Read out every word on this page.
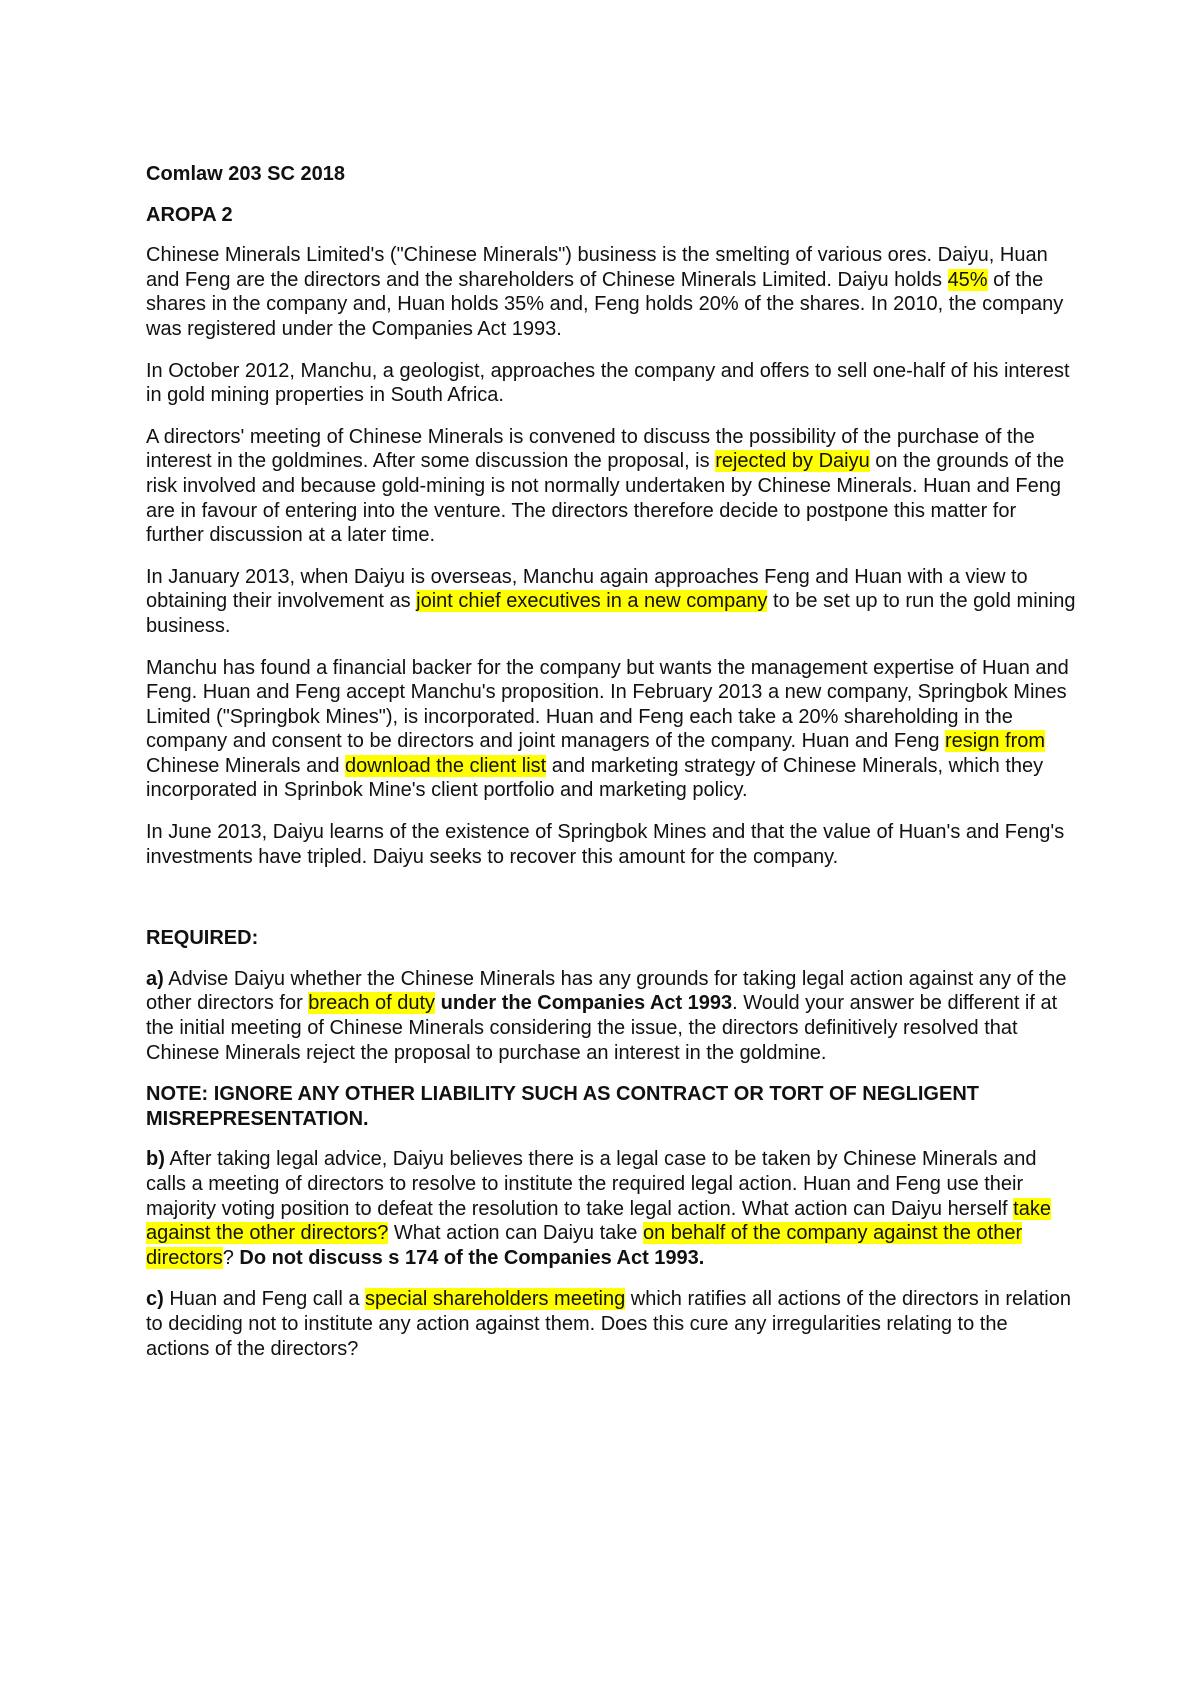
Comlaw 203 SC 2018
AROPA 2

Chinese Minerals Limited's ("Chinese Minerals") business is the smelting of various ores. Daiyu, Huan and Feng are the directors and the shareholders of Chinese Minerals Limited. Daiyu holds 45% of the shares in the company and, Huan holds 35% and, Feng holds 20% of the shares. In 2010, the company was registered under the Companies Act 1993.

In October 2012, Manchu, a geologist, approaches the company and offers to sell one-half of his interest in gold mining properties in South Africa.

A directors' meeting of Chinese Minerals is convened to discuss the possibility of the purchase of the interest in the goldmines. After some discussion the proposal, is rejected by Daiyu on the grounds of the risk involved and because gold-mining is not normally undertaken by Chinese Minerals. Huan and Feng are in favour of entering into the venture. The directors therefore decide to postpone this matter for further discussion at a later time.

In January 2013, when Daiyu is overseas, Manchu again approaches Feng and Huan with a view to obtaining their involvement as joint chief executives in a new company to be set up to run the gold mining business.

Manchu has found a financial backer for the company but wants the management expertise of Huan and Feng. Huan and Feng accept Manchu's proposition. In February 2013 a new company, Springbok Mines Limited ("Springbok Mines"), is incorporated. Huan and Feng each take a 20% shareholding in the company and consent to be directors and joint managers of the company. Huan and Feng resign from Chinese Minerals and download the client list and marketing strategy of Chinese Minerals, which they incorporated in Sprinbok Mine's client portfolio and marketing policy.

In June 2013, Daiyu learns of the existence of Springbok Mines and that the value of Huan's and Feng's investments have tripled. Daiyu seeks to recover this amount for the company.

REQUIRED:

a) Advise Daiyu whether the Chinese Minerals has any grounds for taking legal action against any of the other directors for breach of duty under the Companies Act 1993. Would your answer be different if at the initial meeting of Chinese Minerals considering the issue, the directors definitively resolved that Chinese Minerals reject the proposal to purchase an interest in the goldmine.

NOTE: IGNORE ANY OTHER LIABILITY SUCH AS CONTRACT OR TORT OF NEGLIGENT MISREPRESENTATION.

b) After taking legal advice, Daiyu believes there is a legal case to be taken by Chinese Minerals and calls a meeting of directors to resolve to institute the required legal action. Huan and Feng use their majority voting position to defeat the resolution to take legal action. What action can Daiyu herself take against the other directors? What action can Daiyu take on behalf of the company against the other directors? Do not discuss s 174 of the Companies Act 1993.

c) Huan and Feng call a special shareholders meeting which ratifies all actions of the directors in relation to deciding not to institute any action against them. Does this cure any irregularities relating to the actions of the directors?
